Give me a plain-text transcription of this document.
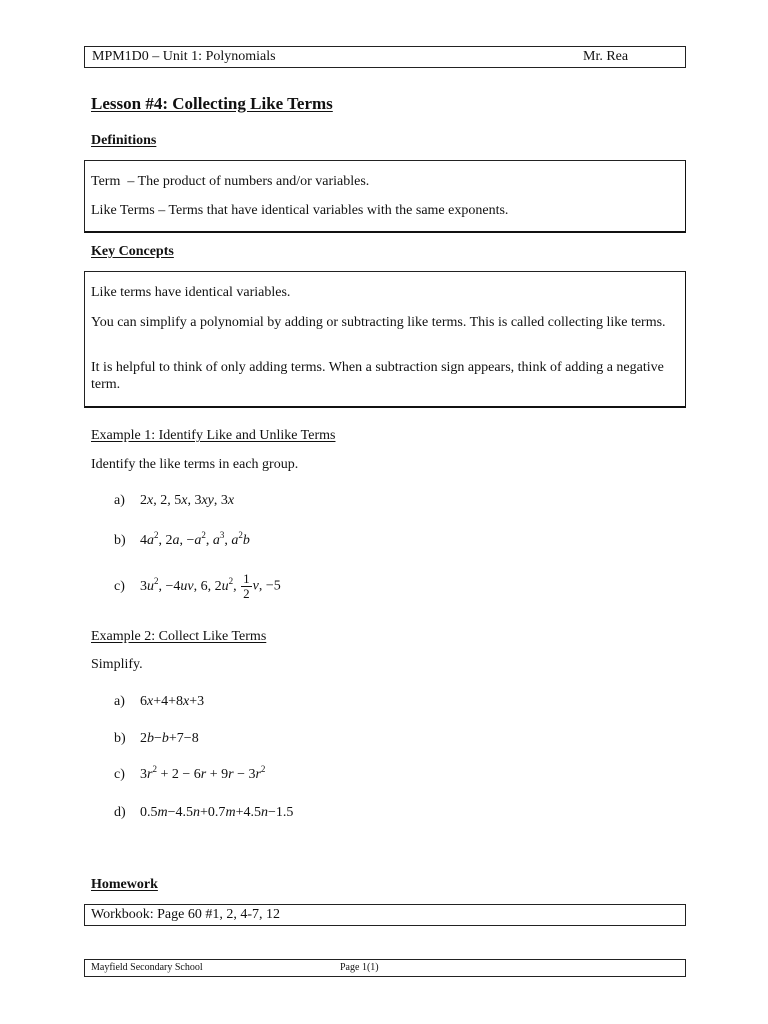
MPM1D0 – Unit 1: Polynomials	Mr. Rea
Lesson #4: Collecting Like Terms
Definitions
Term  – The product of numbers and/or variables.
Like Terms – Terms that have identical variables with the same exponents.
Key Concepts
Like terms have identical variables.
You can simplify a polynomial by adding or subtracting like terms. This is called collecting like terms.
It is helpful to think of only adding terms. When a subtraction sign appears, think of adding a negative term.
Example 1: Identify Like and Unlike Terms
Identify the like terms in each group.
a) 2x, 2, 5x, 3xy, 3x
b) $4a^2$, 2a, $-a^2$, $a^3$, $a^2b$
c) $3u^2$, −4uv, 6, $2u^2$, $\frac{1}{2} v$, −5
Example 2: Collect Like Terms
Simplify.
a) 6x+4+8x+3
b) 2b−b+7−8
c) $3r^2 + 2 - 6r + 9r - 3r^2$
d) 0.5m−4.5n+0.7m+4.5n−1.5
Homework
Workbook: Page 60 #1, 2, 4-7, 12
Mayfield Secondary School	Page 1(1)
